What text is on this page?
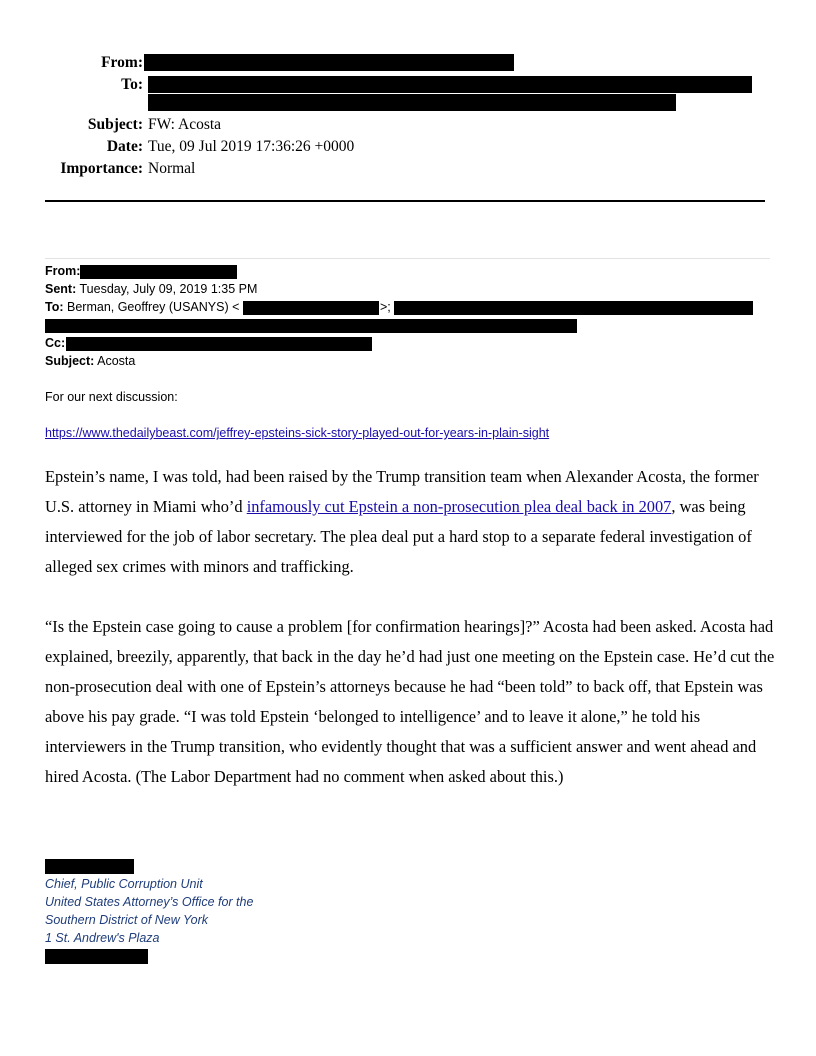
From:
To:
Subject: FW: Acosta
Date: Tue, 09 Jul 2019 17:36:26 +0000
Importance: Normal
From:
Sent: Tuesday, July 09, 2019 1:35 PM
To: Berman, Geoffrey (USANYS) <	>;
Cc:
Subject: Acosta
For our next discussion:
https://www.thedailybeast.com/jeffrey-epsteins-sick-story-played-out-for-years-in-plain-sight
Epstein’s name, I was told, had been raised by the Trump transition team when Alexander Acosta, the former U.S. attorney in Miami who’d infamously cut Epstein a non-prosecution plea deal back in 2007, was being interviewed for the job of labor secretary. The plea deal put a hard stop to a separate federal investigation of alleged sex crimes with minors and trafficking.
“Is the Epstein case going to cause a problem [for confirmation hearings]?” Acosta had been asked. Acosta had explained, breezily, apparently, that back in the day he’d had just one meeting on the Epstein case. He’d cut the non-prosecution deal with one of Epstein’s attorneys because he had “been told” to back off, that Epstein was above his pay grade. “I was told Epstein ‘belonged to intelligence’ and to leave it alone,” he told his interviewers in the Trump transition, who evidently thought that was a sufficient answer and went ahead and hired Acosta. (The Labor Department had no comment when asked about this.)
Chief, Public Corruption Unit
United States Attorney’s Office for the
Southern District of New York
1 St. Andrew's Plaza
